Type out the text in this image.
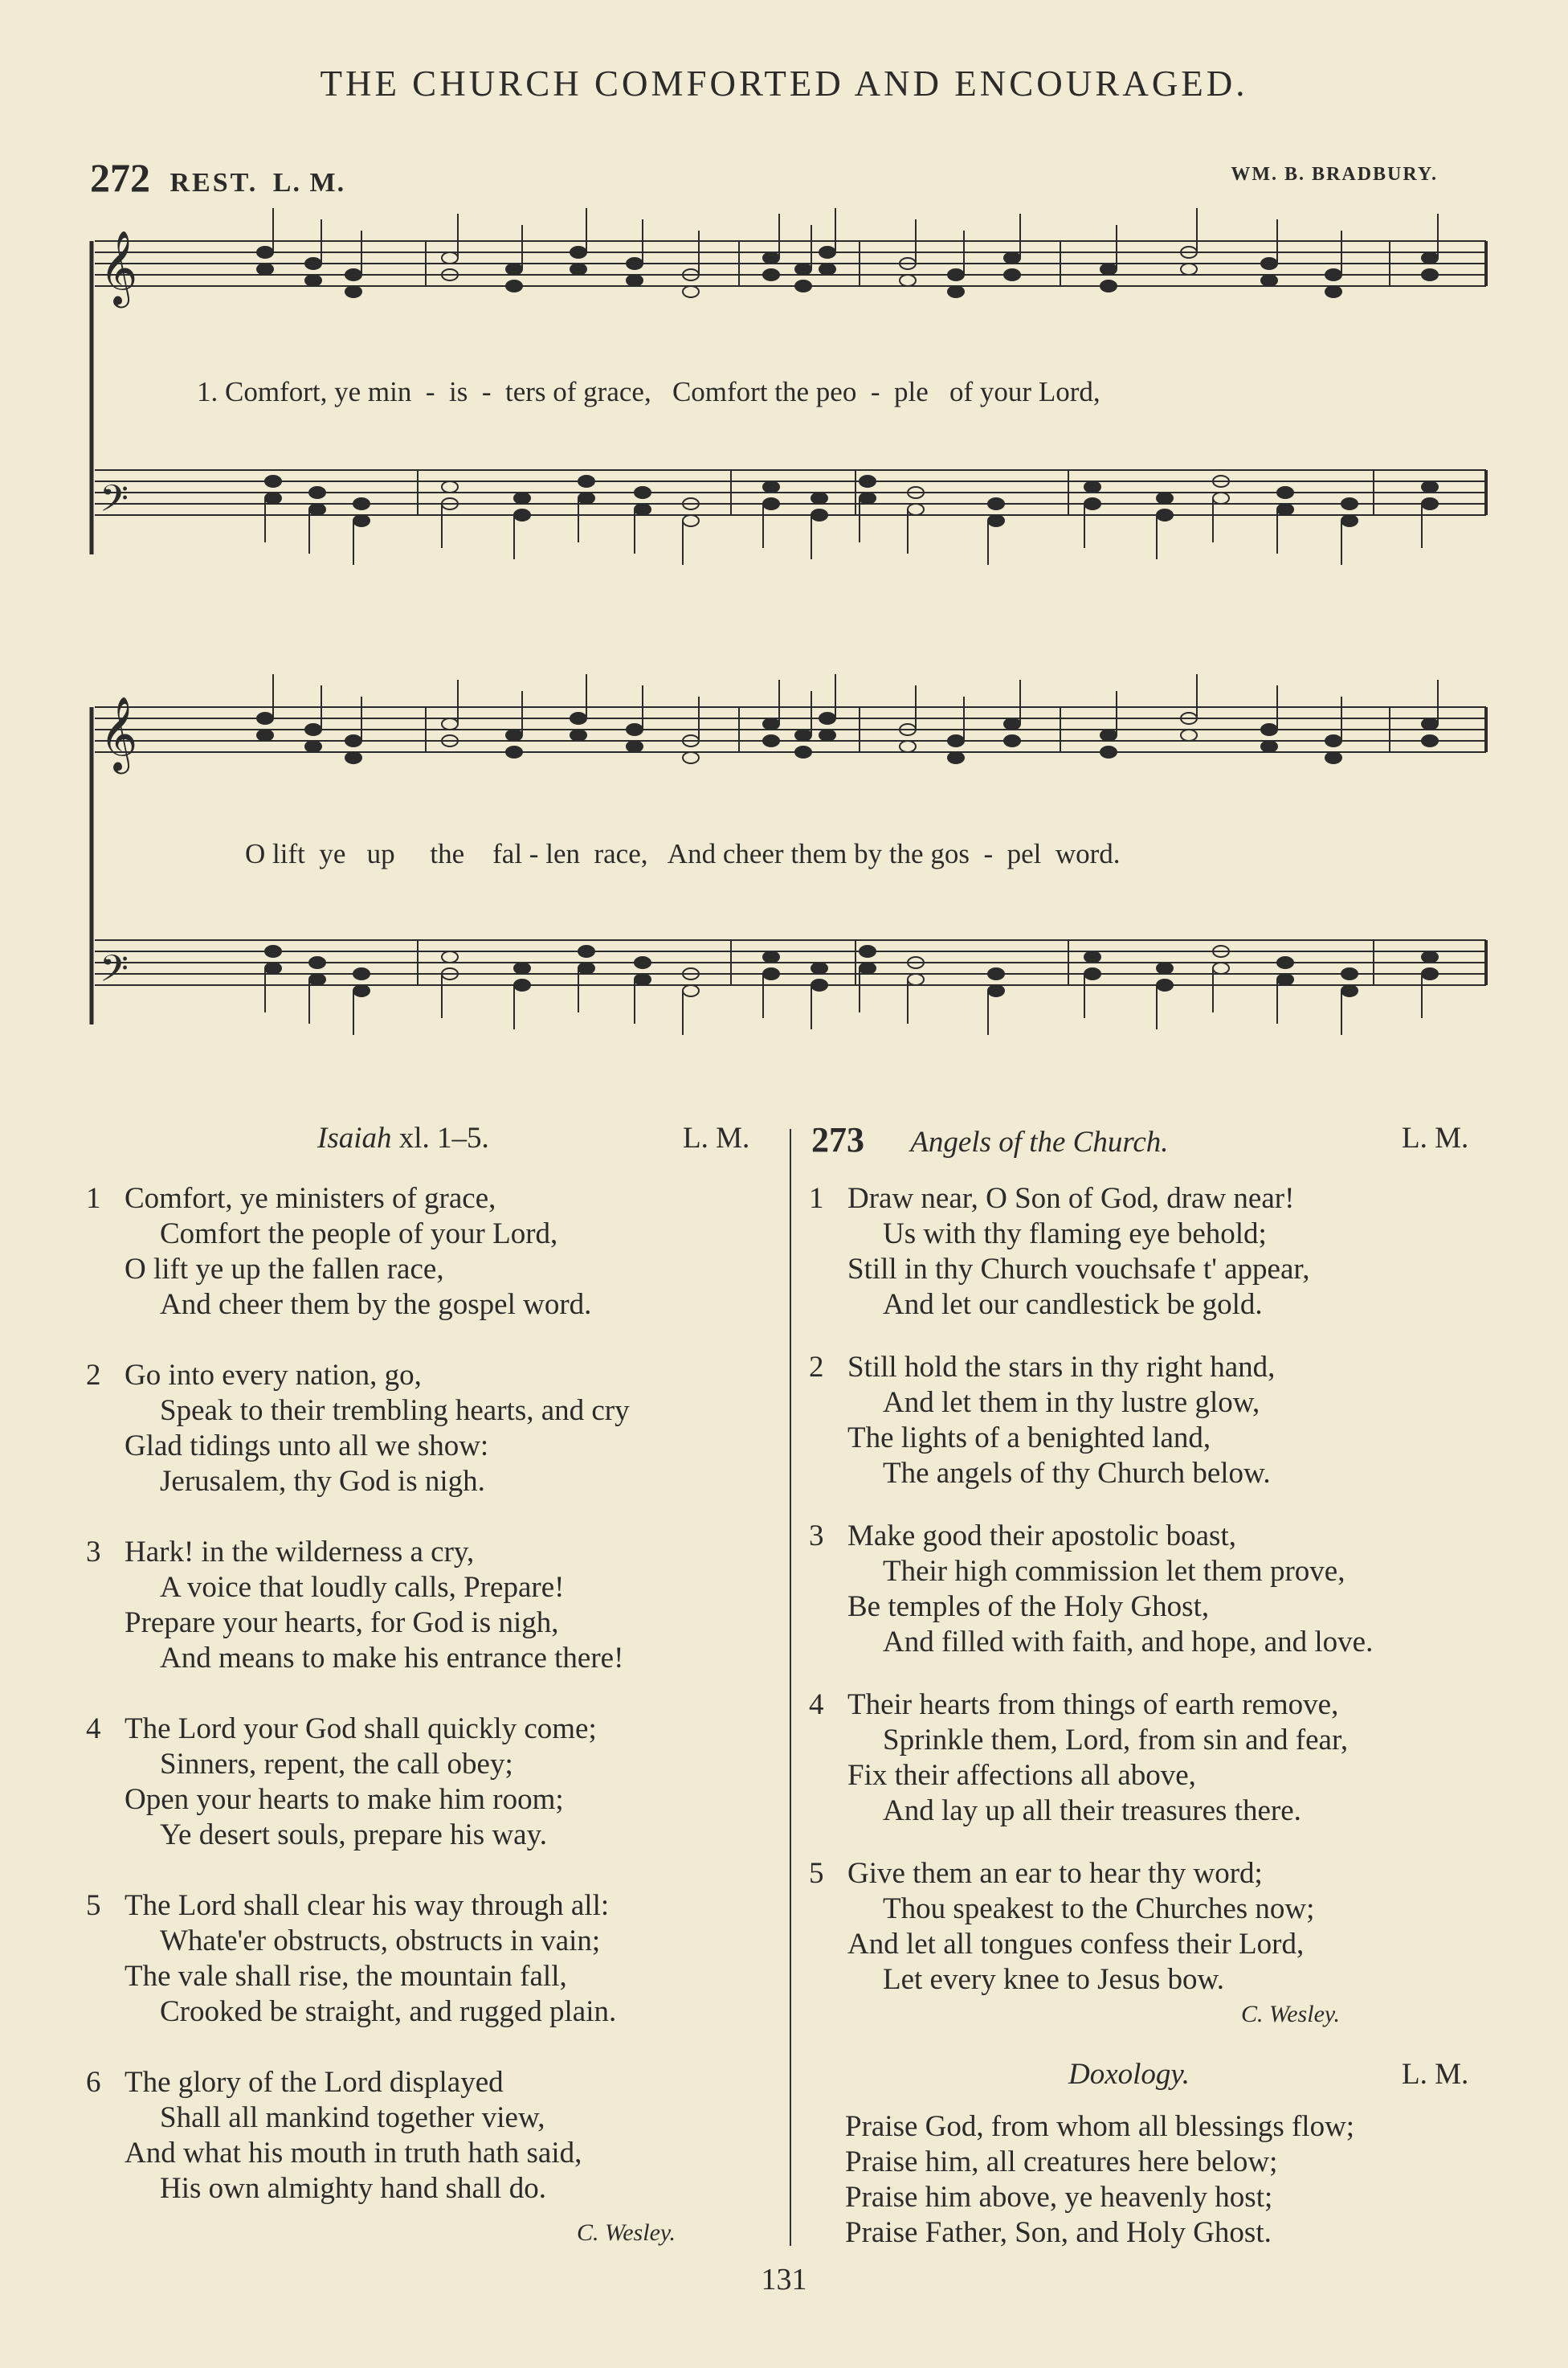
THE CHURCH COMFORTED AND ENCOURAGED.
272 REST. L. M.	WM. B. BRADBURY.
𝄞
𝄢
𝄞
𝄢
1. Comfort, ye min  -  is  -  ters of grace,   Comfort the peo  -  ple   of your Lord,
O lift  ye   up     the    fal - len  race,   And cheer them by the gos  -  pel  word.
Isaiah xl. 1–5.	L. M.
1 Comfort, ye ministers of grace,
Comfort the people of your Lord,
O lift ye up the fallen race,
And cheer them by the gospel word.
2 Go into every nation, go,
Speak to their trembling hearts, and cry
Glad tidings unto all we show:
Jerusalem, thy God is nigh.
3 Hark! in the wilderness a cry,
A voice that loudly calls, Prepare!
Prepare your hearts, for God is nigh,
And means to make his entrance there!
4 The Lord your God shall quickly come;
Sinners, repent, the call obey;
Open your hearts to make him room;
Ye desert souls, prepare his way.
5 The Lord shall clear his way through all:
Whate'er obstructs, obstructs in vain;
The vale shall rise, the mountain fall,
Crooked be straight, and rugged plain.
6 The glory of the Lord displayed
Shall all mankind together view,
And what his mouth in truth hath said,
His own almighty hand shall do.
C. Wesley.
273 Angels of the Church.	L. M.
1 Draw near, O Son of God, draw near!
Us with thy flaming eye behold;
Still in thy Church vouchsafe t' appear,
And let our candlestick be gold.
2 Still hold the stars in thy right hand,
And let them in thy lustre glow,
The lights of a benighted land,
The angels of thy Church below.
3 Make good their apostolic boast,
Their high commission let them prove,
Be temples of the Holy Ghost,
And filled with faith, and hope, and love.
4 Their hearts from things of earth remove,
Sprinkle them, Lord, from sin and fear,
Fix their affections all above,
And lay up all their treasures there.
5 Give them an ear to hear thy word;
Thou speakest to the Churches now;
And let all tongues confess their Lord,
Let every knee to Jesus bow.
C. Wesley.
Doxology.	L. M.
Praise God, from whom all blessings flow;
Praise him, all creatures here below;
Praise him above, ye heavenly host;
Praise Father, Son, and Holy Ghost.
131
